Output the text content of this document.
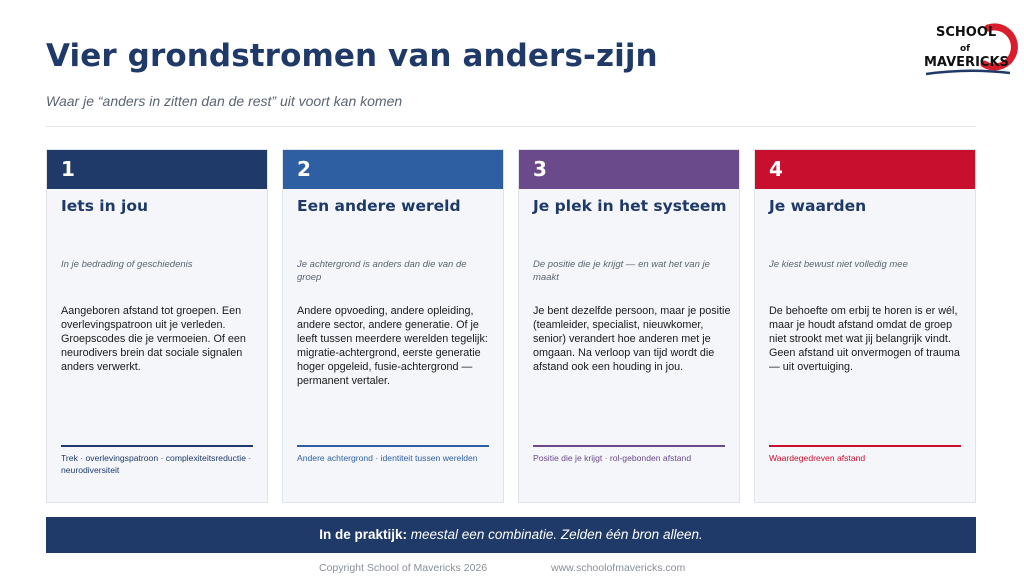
Vier grondstromen van anders-zijn
Waar je “anders in zitten dan de rest” uit voort kan komen
SCHOOL
of
MAVERICKS
1
Iets in jou
In je bedrading of geschiedenis
Aangeboren afstand tot groepen. Een overlevingspatroon uit je verleden. Groepscodes die je vermoeien. Of een neurodivers brein dat sociale signalen anders verwerkt.
Trek · overlevingspatroon · complexiteitsreductie · neurodiversiteit
2
Een andere wereld
Je achtergrond is anders dan die van de groep
Andere opvoeding, andere opleiding, andere sector, andere generatie. Of je leeft tussen meerdere werelden tegelijk: migratie-achtergrond, eerste generatie hoger opgeleid, fusie-achtergrond — permanent vertaler.
Andere achtergrond · identiteit tussen werelden
3
Je plek in het systeem
De positie die je krijgt — en wat het van je maakt
Je bent dezelfde persoon, maar je positie (teamleider, specialist, nieuwkomer, senior) verandert hoe anderen met je omgaan. Na verloop van tijd wordt die afstand ook een houding in jou.
Positie die je krijgt · rol-gebonden afstand
4
Je waarden
Je kiest bewust niet volledig mee
De behoefte om erbij te horen is er wél, maar je houdt afstand omdat de groep niet strookt met wat jij belangrijk vindt. Geen afstand uit onvermogen of trauma — uit overtuiging.
Waardegedreven afstand
In de praktijk: meestal een combinatie. Zelden één bron alleen.
Copyright School of Mavericks 2026	www.schoolofmavericks.com
